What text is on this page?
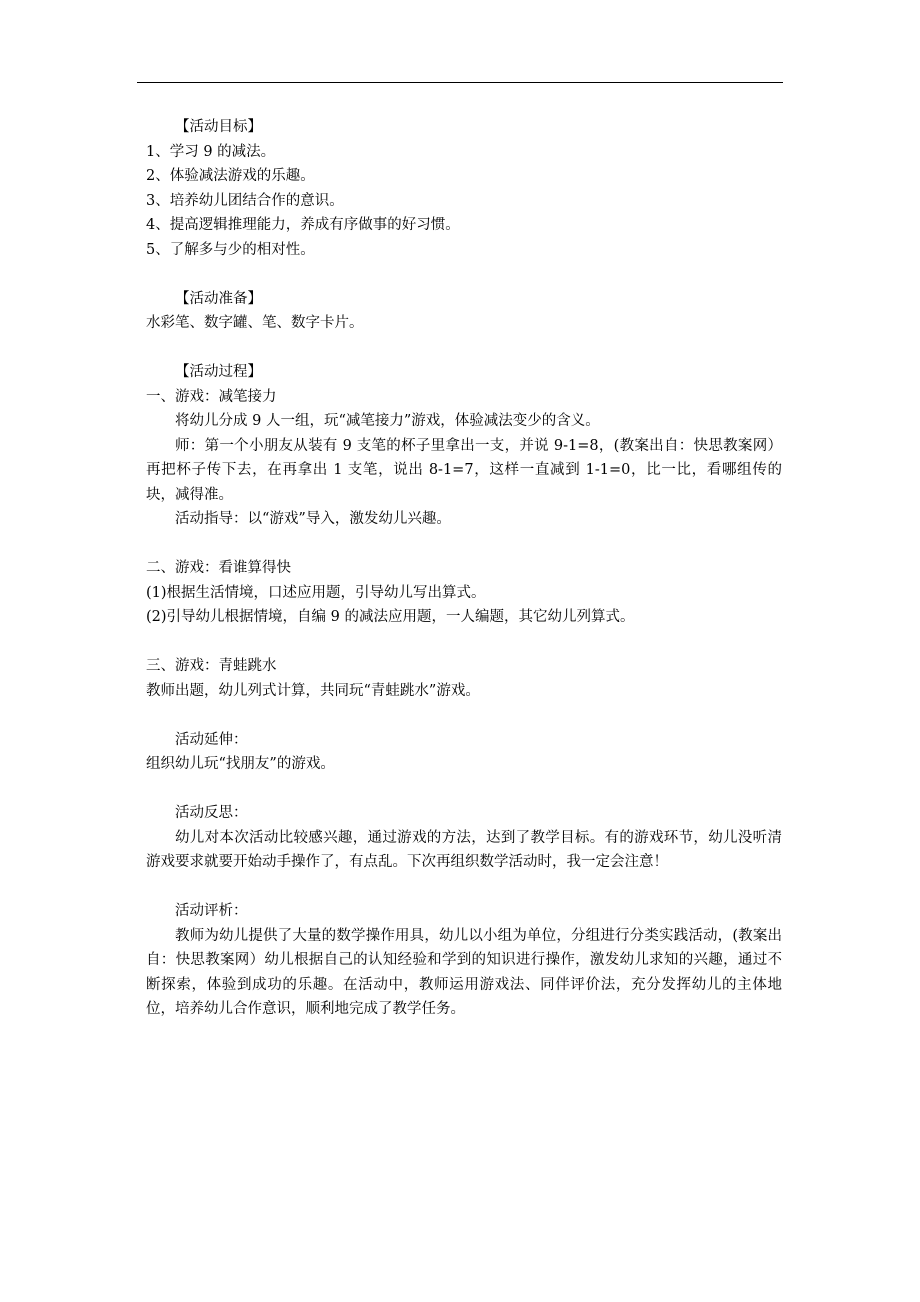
【活动目标】

1、学习 9 的减法。

2、体验减法游戏的乐趣。

3、培养幼儿团结合作的意识。

4、提高逻辑推理能力，养成有序做事的好习惯。

5、了解多与少的相对性。

【活动准备】

水彩笔、数字罐、笔、数字卡片。

【活动过程】

一、游戏：减笔接力

将幼儿分成 9 人一组，玩“减笔接力”游戏，体验减法变少的含义。

师：第一个小朋友从装有 9 支笔的杯子里拿出一支，并说 9-1=8，(教案出自：快思教案网）再把杯子传下去，在再拿出 1 支笔，说出 8-1=7，这样一直减到 1-1=0，比一比，看哪组传的块，减得准。

活动指导：以“游戏”导入，激发幼儿兴趣。

二、游戏：看谁算得快

(1)根据生活情境，口述应用题，引导幼儿写出算式。

(2)引导幼儿根据情境，自编 9 的减法应用题，一人编题，其它幼儿列算式。

三、游戏：青蛙跳水

教师出题，幼儿列式计算，共同玩“青蛙跳水”游戏。

活动延伸：

组织幼儿玩“找朋友”的游戏。

活动反思：

幼儿对本次活动比较感兴趣，通过游戏的方法，达到了教学目标。有的游戏环节，幼儿没听清游戏要求就要开始动手操作了，有点乱。下次再组织数学活动时，我一定会注意！

活动评析：

教师为幼儿提供了大量的数学操作用具，幼儿以小组为单位，分组进行分类实践活动，(教案出自：快思教案网）幼儿根据自己的认知经验和学到的知识进行操作，激发幼儿求知的兴趣，通过不断探索，体验到成功的乐趣。在活动中，教师运用游戏法、同伴评价法，充分发挥幼儿的主体地位，培养幼儿合作意识，顺利地完成了教学任务。
